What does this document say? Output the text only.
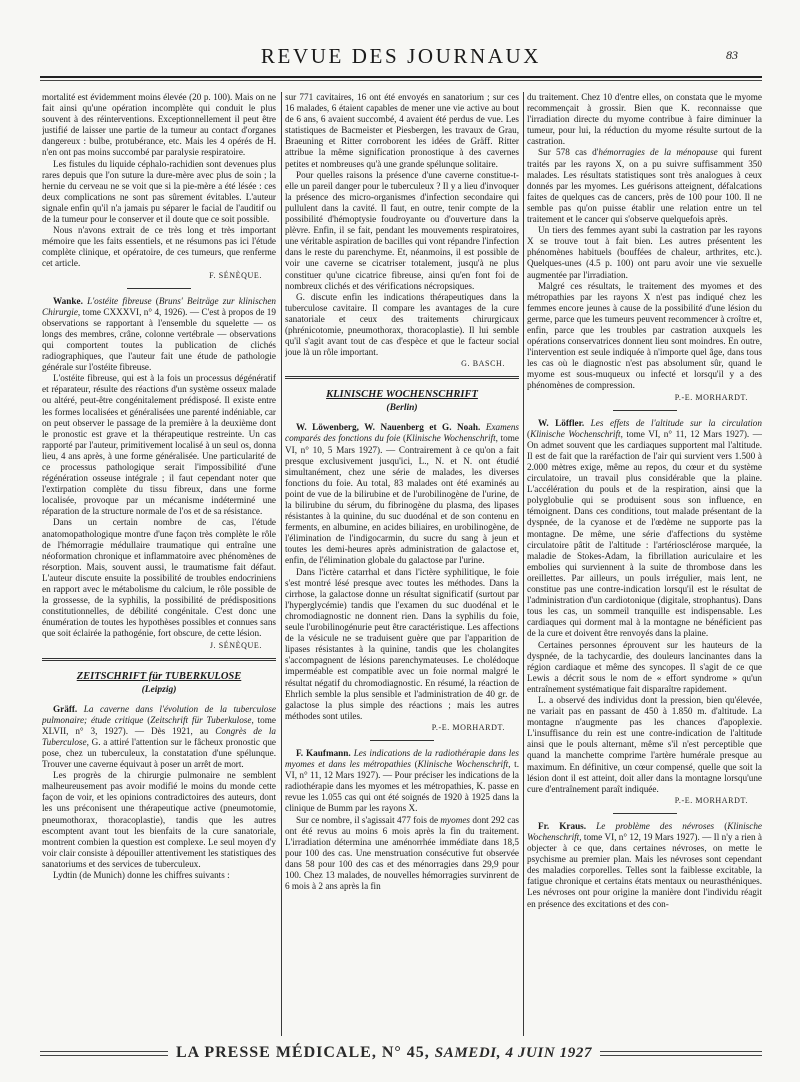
REVUE DES JOURNAUX	83

mortalité est évidemment moins élevée (20 p. 100). Mais on ne fait ainsi qu'une opération incomplète qui conduit le plus souvent à des réinterventions. Exceptionnellement il peut être justifié de laisser une partie de la tumeur au contact d'organes dangereux : bulbe, protubérance, etc. Mais les 4 opérés de H. n'en ont pas moins succombé par paralysie respiratoire.

Les fistules du liquide céphalo-rachidien sont devenues plus rares depuis que l'on suture la dure-mère avec plus de soin ; la hernie du cerveau ne se voit que si la pie-mère a été lésée : ces deux complications ne sont pas sûrement évitables. L'auteur signale enfin qu'il n'a jamais pu séparer le facial de l'auditif ou de la tumeur pour le conserver et il doute que ce soit possible.

Nous n'avons extrait de ce très long et très important mémoire que les faits essentiels, et ne résumons pas ici l'étude complète clinique, et opératoire, de ces tumeurs, que renferme cet article.

F. SÉNÈQUE.

Wanke. L'ostéite fibreuse (Bruns' Beiträge zur klinischen Chirurgie, tome CXXXVI, n° 4, 1926). — C'est à propos de 19 observations se rapportant à l'ensemble du squelette — os longs des membres, crâne, colonne vertébrale — observations qui comportent toutes la publication de clichés radiographiques, que l'auteur fait une étude de pathologie générale sur l'ostéite fibreuse.

L'ostéite fibreuse, qui est à la fois un processus dégénératif et réparateur, résulte des réactions d'un système osseux malade ou altéré, peut-être congénitalement prédisposé. Il existe entre les formes localisées et généralisées une parenté indéniable, car on peut observer le passage de la première à la deuxième dont le pronostic est grave et la thérapeutique restreinte. Un cas rapporté par l'auteur, primitivement localisé à un seul os, donna lieu, 4 ans après, à une forme généralisée. Une particularité de ce processus pathologique serait l'impossibilité d'une régénération osseuse intégrale ; il faut cependant noter que l'extirpation complète du tissu fibreux, dans une forme localisée, provoque par un mécanisme indéterminé une réparation de la structure normale de l'os et de sa résistance.

Dans un certain nombre de cas, l'étude anatomopathologique montre d'une façon très complète le rôle de l'hémorragie médullaire traumatique qui entraîne une néoformation chronique et inflammatoire avec phénomènes de résorption. Mais, souvent aussi, le traumatisme fait défaut. L'auteur discute ensuite la possibilité de troubles endocriniens en rapport avec le métabolisme du calcium, le rôle possible de la grossesse, de la syphilis, la possibilité de prédispositions constitutionnelles, de débilité congénitale. C'est donc une énumération de toutes les hypothèses possibles et connues sans que soit éclairée la pathogénie, fort obscure, de cette lésion.

J. SÉNÈQUE.

ZEITSCHRIFT für TUBERKULOSE

(Leipzig)

Gräff. La caverne dans l'évolution de la tuberculose pulmonaire; étude critique (Zeitschrift für Tuberkulose, tome XLVII, n° 3, 1927). — Dès 1921, au Congrès de la Tuberculose, G. a attiré l'attention sur le fâcheux pronostic que pose, chez un tuberculeux, la constatation d'une spélunque. Trouver une caverne équivaut à poser un arrêt de mort.

Les progrès de la chirurgie pulmonaire ne semblent malheureusement pas avoir modifié le moins du monde cette façon de voir, et les opinions contradictoires des auteurs, dont les uns préconisent une thérapeutique active (pneumotomie, pneumothorax, thoracoplastie), tandis que les autres escomptent avant tout les bienfaits de la cure sanatoriale, montrent combien la question est complexe. Le seul moyen d'y voir clair consiste à dépouiller attentivement les statistiques des sanatoriums et des services de tuberculeux.

Lydtin (de Munich) donne les chiffres suivants :

sur 771 cavitaires, 16 ont été envoyés en sanatorium ; sur ces 16 malades, 6 étaient capables de mener une vie active au bout de 6 ans, 6 avaient succombé, 4 avaient été perdus de vue. Les statistiques de Bacmeister et Piesbergen, les travaux de Grau, Braeuning et Ritter corroborent les idées de Gräff. Ritter attribue la même signification pronostique à des cavernes petites et nombreuses qu'à une grande spélunque solitaire.

Pour quelles raisons la présence d'une caverne constitue-t-elle un pareil danger pour le tuberculeux ? Il y a lieu d'invoquer la présence des micro-organismes d'infection secondaire qui pullulent dans la cavité. Il faut, en outre, tenir compte de la possibilité d'hémoptysie foudroyante ou d'ouverture dans la plèvre. Enfin, il se fait, pendant les mouvements respiratoires, une véritable aspiration de bacilles qui vont répandre l'infection dans le reste du parenchyme. Et, néanmoins, il est possible de voir une caverne se cicatriser totalement, jusqu'à ne plus constituer qu'une cicatrice fibreuse, ainsi qu'en font foi de nombreux clichés et des vérifications nécropsiques.

G. discute enfin les indications thérapeutiques dans la tuberculose cavitaire. Il compare les avantages de la cure sanatoriale et ceux des traitements chirurgicaux (phrénicotomie, pneumothorax, thoracoplastie). Il lui semble qu'il s'agit avant tout de cas d'espèce et que le facteur social joue là un rôle important.

G. BASCH.

KLINISCHE WOCHENSCHRIFT

(Berlin)

W. Löwenberg, W. Nauenberg et G. Noah. Examens comparés des fonctions du foie (Klinische Wochenschrift, tome VI, n° 10, 5 Mars 1927). — Contrairement à ce qu'on a fait presque exclusivement jusqu'ici, L., N. et N. ont étudié simultanément, chez une série de malades, les diverses fonctions du foie. Au total, 83 malades ont été examinés au point de vue de la bilirubine et de l'urobilinogène de l'urine, de la bilirubine du sérum, du fibrinogène du plasma, des lipases résistantes à la quinine, du suc duodénal et de son contenu en ferments, en albumine, en acides biliaires, en urobilinogène, de l'élimination de l'indigocarmin, du sucre du sang à jeun et toutes les demi-heures après administration de galactose et, enfin, de l'élimination globale du galactose par l'urine.

Dans l'ictère catarrhal et dans l'ictère syphilitique, le foie s'est montré lésé presque avec toutes les méthodes. Dans la cirrhose, la galactose donne un résultat significatif (surtout par l'hyperglycémie) tandis que l'examen du suc duodénal et le chromodiagnostic ne donnent rien. Dans la syphilis du foie, seule l'urobilinogénurie peut être caractéristique. Les affections de la vésicule ne se traduisent guère que par l'apparition de lipases résistantes à la quinine, tandis que les cholangites s'accompagnent de lésions parenchymateuses. Le cholédoque imperméable est compatible avec un foie normal malgré le résultat négatif du chromodiagnostic. En résumé, la réaction de Ehrlich semble la plus sensible et l'administration de 40 gr. de galactose la plus simple des réactions ; mais les autres méthodes sont utiles.

P.-E. MORHARDT.

F. Kaufmann. Les indications de la radiothérapie dans les myomes et dans les métropathies (Klinische Wochenschrift, t. VI, n° 11, 12 Mars 1927). — Pour préciser les indications de la radiothérapie dans les myomes et les métropathies, K. passe en revue les 1.055 cas qui ont été soignés de 1920 à 1925 dans la clinique de Bumm par les rayons X.

Sur ce nombre, il s'agissait 477 fois de myomes dont 292 cas ont été revus au moins 6 mois après la fin du traitement. L'irradiation détermina une aménorrhée immédiate dans 18,5 pour 100 des cas. Une menstruation consécutive fut observée dans 58 pour 100 des cas et des ménorragies dans 29,9 pour 100. Chez 13 malades, de nouvelles hémorragies survinrent de 6 mois à 2 ans après la fin

du traitement. Chez 10 d'entre elles, on constata que le myome recommençait à grossir. Bien que K. reconnaisse que l'irradiation directe du myome contribue à faire diminuer la tumeur, pour lui, la réduction du myome résulte surtout de la castration.

Sur 578 cas d'hémorragies de la ménopause qui furent traités par les rayons X, on a pu suivre suffisamment 350 malades. Les résultats statistiques sont très analogues à ceux donnés par les myomes. Les guérisons atteignent, défalcations faites de quelques cas de cancers, près de 100 pour 100. Il ne semble pas qu'on puisse établir une relation entre un tel traitement et le cancer qui s'observe quelquefois après.

Un tiers des femmes ayant subi la castration par les rayons X se trouve tout à fait bien. Les autres présentent les phénomènes habituels (bouffées de chaleur, arthrites, etc.). Quelques-unes (4.5 p. 100) ont paru avoir une vie sexuelle augmentée par l'irradiation.

Malgré ces résultats, le traitement des myomes et des métropathies par les rayons X n'est pas indiqué chez les femmes encore jeunes à cause de la possibilité d'une lésion du germe, parce que les tumeurs peuvent recommencer à croître et, enfin, parce que les troubles par castration auxquels les opérations conservatrices donnent lieu sont moindres. En outre, l'intervention est seule indiquée à n'importe quel âge, dans tous les cas où le diagnostic n'est pas absolument sûr, quand le myome est sous-muqueux ou infecté et lorsqu'il y a des phénomènes de compression.

P.-E. MORHARDT.

W. Löffler. Les effets de l'altitude sur la circulation (Klinische Wochenschrift, tome VI, n° 11, 12 Mars 1927). — On admet souvent que les cardiaques supportent mal l'altitude. Il est de fait que la raréfaction de l'air qui survient vers 1.500 à 2.000 mètres exige, même au repos, du cœur et du système circulatoire, un travail plus considérable que la plaine. L'accélération du pouls et de la respiration, ainsi que la polyglobulie qui se produisent sous son influence, en témoignent. Dans ces conditions, tout malade présentant de la dyspnée, de la cyanose et de l'œdème ne supporte pas la montagne. De même, une série d'affections du système circulatoire pâtit de l'altitude : l'artériosclérose marquée, la maladie de Stokes-Adam, la fibrillation auriculaire et les embolies qui surviennent à la suite de thrombose dans les oreillettes. Par ailleurs, un pouls irrégulier, mais lent, ne constitue pas une contre-indication lorsqu'il est le résultat de l'administration d'un cardiotonique (digitale, strophantus). Dans tous les cas, un sommeil tranquille est indispensable. Les cardiaques qui dorment mal à la montagne ne bénéficient pas de la cure et doivent être renvoyés dans la plaine.

Certaines personnes éprouvent sur les hauteurs de la dyspnée, de la tachycardie, des douleurs lancinantes dans la région cardiaque et même des syncopes. Il s'agit de ce que Lewis a décrit sous le nom de « effort syndrome » qu'un entraînement systématique fait disparaître rapidement.

L. a observé des individus dont la pression, bien qu'élevée, ne variait pas en passant de 450 à 1.850 m. d'altitude. La montagne n'augmente pas les chances d'apoplexie. L'insuffisance du rein est une contre-indication de l'altitude ainsi que le pouls alternant, même s'il n'est perceptible que quand la manchette comprime l'artère humérale presque au maximum. En définitive, un cœur compensé, quelle que soit la lésion dont il est atteint, doit aller dans la montagne lorsqu'une cure d'entraînement paraît indiquée.

P.-E. MORHARDT.

Fr. Kraus. Le problème des névroses (Klinische Wochenschrift, tome VI, n° 12, 19 Mars 1927). — Il n'y a rien à objecter à ce que, dans certaines névroses, on mette le psychisme au premier plan. Mais les névroses sont cependant des maladies corporelles. Telles sont la faiblesse excitable, la fatigue chronique et certains états mentaux ou neurasthéniques. Les névroses ont pour origine la manière dont l'individu réagit en présence des excitations et des con-

LA PRESSE MÉDICALE, N° 45, SAMEDI, 4 JUIN 1927
